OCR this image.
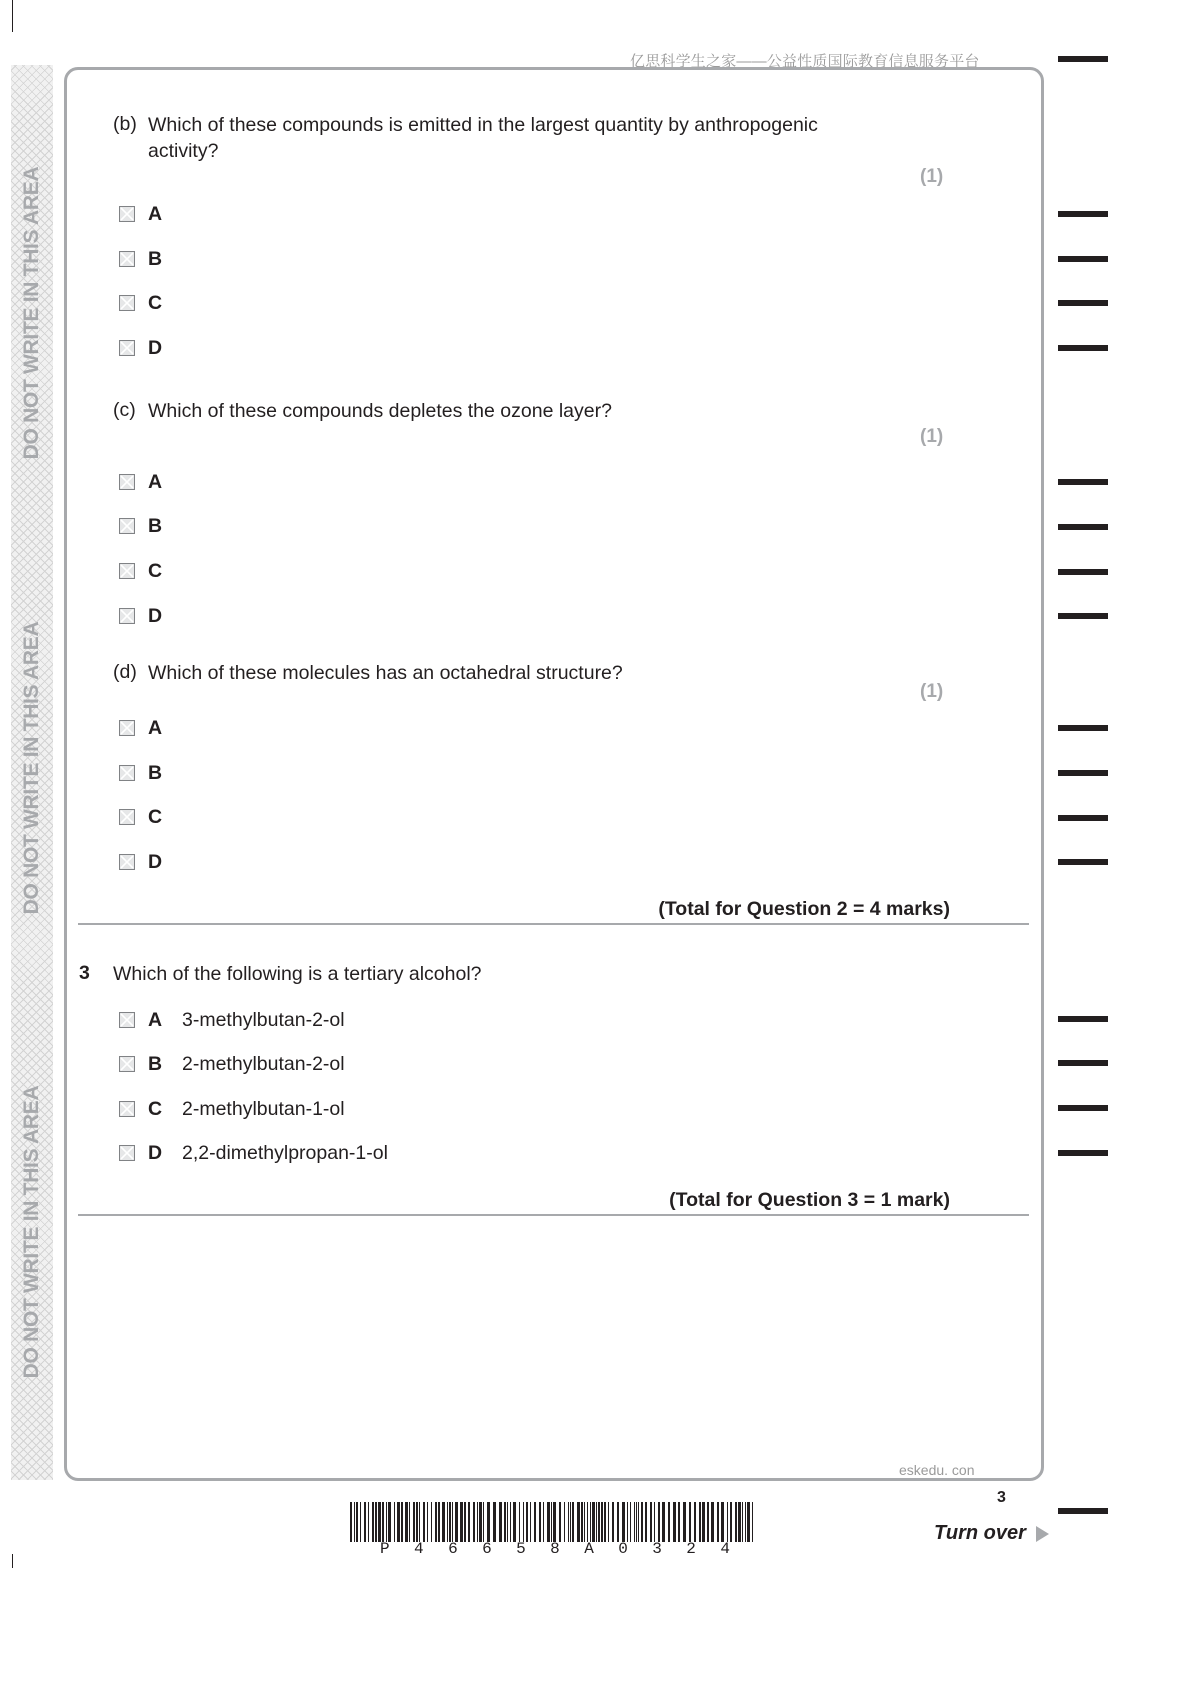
亿思科学生之家——公益性质国际教育信息服务平台
DO NOT WRITE IN THIS AREA
DO NOT WRITE IN THIS AREA
DO NOT WRITE IN THIS AREA
(b) Which of these compounds is emitted in the largest quantity by anthropogenic
activity?
(1)
A
B
C
D
(c) Which of these compounds depletes the ozone layer?
(1)
A
B
C
D
(d) Which of these molecules has an octahedral structure?
(1)
A
B
C
D
(Total for Question 2 = 4 marks)
3 Which of the following is a tertiary alcohol?
A	3-methylbutan-2-ol
B	2-methylbutan-2-ol
C	2-methylbutan-1-ol
D	2,2-dimethylpropan-1-ol
(Total for Question 3 = 1 mark)
eskedu. con
3
Turn over
P 4 6 6 5 8 A 0 3 2 4
